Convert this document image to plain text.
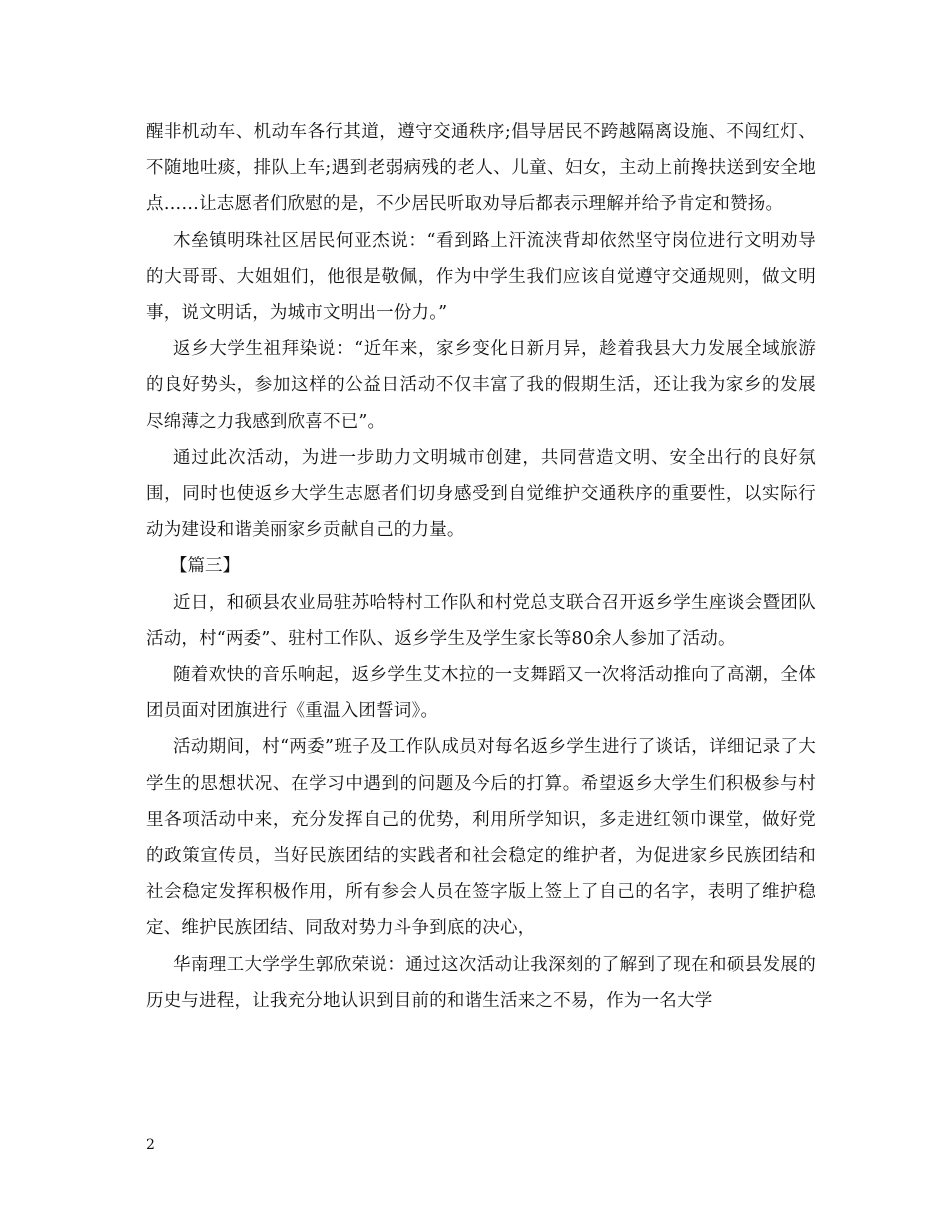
醒非机动车、机动车各行其道，遵守交通秩序;倡导居民不跨越隔离设施、不闯红灯、不随地吐痰，排队上车;遇到老弱病残的老人、儿童、妇女，主动上前搀扶送到安全地点……让志愿者们欣慰的是，不少居民听取劝导后都表示理解并给予肯定和赞扬。

木垒镇明珠社区居民何亚杰说：“看到路上汗流浃背却依然坚守岗位进行文明劝导的大哥哥、大姐姐们，他很是敬佩，作为中学生我们应该自觉遵守交通规则，做文明事，说文明话，为城市文明出一份力。”

返乡大学生祖拜染说：“近年来，家乡变化日新月异，趁着我县大力发展全域旅游的良好势头，参加这样的公益日活动不仅丰富了我的假期生活，还让我为家乡的发展尽绵薄之力我感到欣喜不已”。

通过此次活动，为进一步助力文明城市创建，共同营造文明、安全出行的良好氛围，同时也使返乡大学生志愿者们切身感受到自觉维护交通秩序的重要性，以实际行动为建设和谐美丽家乡贡献自己的力量。

【篇三】

近日，和硕县农业局驻苏哈特村工作队和村党总支联合召开返乡学生座谈会暨团队活动，村“两委”、驻村工作队、返乡学生及学生家长等80余人参加了活动。

随着欢快的音乐响起，返乡学生艾木拉的一支舞蹈又一次将活动推向了高潮，全体团员面对团旗进行《重温入团誓词》。

活动期间，村“两委”班子及工作队成员对每名返乡学生进行了谈话，详细记录了大学生的思想状况、在学习中遇到的问题及今后的打算。希望返乡大学生们积极参与村里各项活动中来，充分发挥自己的优势，利用所学知识，多走进红领巾课堂，做好党的政策宣传员，当好民族团结的实践者和社会稳定的维护者，为促进家乡民族团结和社会稳定发挥积极作用，所有参会人员在签字版上签上了自己的名字，表明了维护稳定、维护民族团结、同敌对势力斗争到底的决心，

华南理工大学学生郭欣荣说：通过这次活动让我深刻的了解到了现在和硕县发展的历史与进程，让我充分地认识到目前的和谐生活来之不易，作为一名大学

2
